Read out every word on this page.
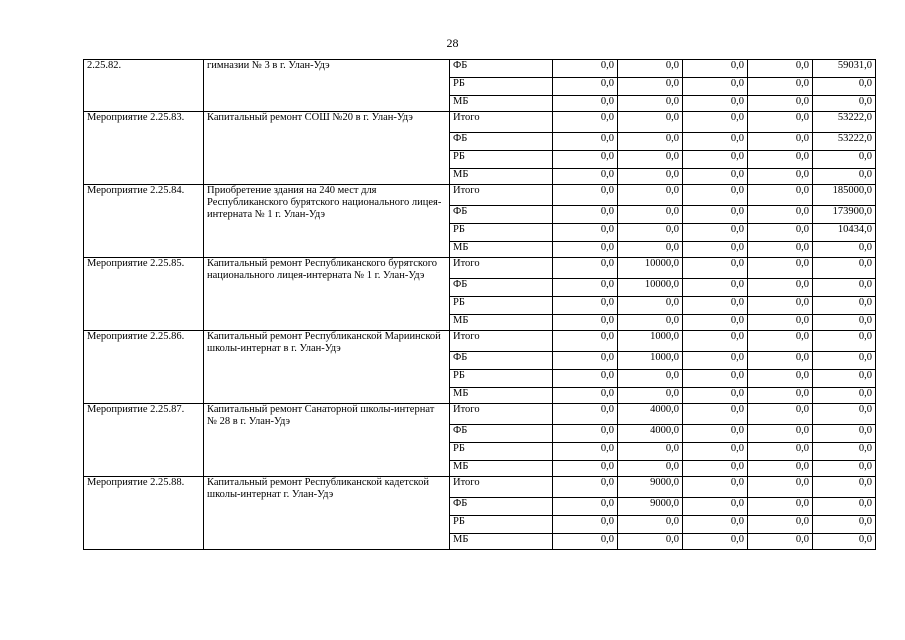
28
2.25.82.	гимназии № 3 в г. Улан-Удэ	ФБ	0,0	0,0	0,0	0,0	59031,0
		РБ	0,0	0,0	0,0	0,0	0,0
		МБ	0,0	0,0	0,0	0,0	0,0
Мероприятие 2.25.83.	Капитальный ремонт СОШ №20 в г. Улан-Удэ	Итого	0,0	0,0	0,0	0,0	53222,0
		ФБ	0,0	0,0	0,0	0,0	53222,0
		РБ	0,0	0,0	0,0	0,0	0,0
		МБ	0,0	0,0	0,0	0,0	0,0
Мероприятие 2.25.84.	Приобретение здания на 240 мест для Республиканского бурятского национального лицея-интерната № 1 г. Улан-Удэ	Итого	0,0	0,0	0,0	0,0	185000,0
		ФБ	0,0	0,0	0,0	0,0	173900,0
		РБ	0,0	0,0	0,0	0,0	10434,0
		МБ	0,0	0,0	0,0	0,0	0,0
Мероприятие 2.25.85.	Капитальный ремонт Республиканского бурятского национального лицея-интерната № 1 г. Улан-Удэ	Итого	0,0	10000,0	0,0	0,0	0,0
		ФБ	0,0	10000,0	0,0	0,0	0,0
		РБ	0,0	0,0	0,0	0,0	0,0
		МБ	0,0	0,0	0,0	0,0	0,0
Мероприятие 2.25.86.	Капитальный ремонт Республиканской Мариинской школы-интернат в г. Улан-Удэ	Итого	0,0	1000,0	0,0	0,0	0,0
		ФБ	0,0	1000,0	0,0	0,0	0,0
		РБ	0,0	0,0	0,0	0,0	0,0
		МБ	0,0	0,0	0,0	0,0	0,0
Мероприятие 2.25.87.	Капитальный ремонт Санаторной школы-интернат № 28 в г. Улан-Удэ	Итого	0,0	4000,0	0,0	0,0	0,0
		ФБ	0,0	4000,0	0,0	0,0	0,0
		РБ	0,0	0,0	0,0	0,0	0,0
		МБ	0,0	0,0	0,0	0,0	0,0
Мероприятие 2.25.88.	Капитальный ремонт Республиканской кадетской школы-интернат г. Улан-Удэ	Итого	0,0	9000,0	0,0	0,0	0,0
		ФБ	0,0	9000,0	0,0	0,0	0,0
		РБ	0,0	0,0	0,0	0,0	0,0
		МБ	0,0	0,0	0,0	0,0	0,0
